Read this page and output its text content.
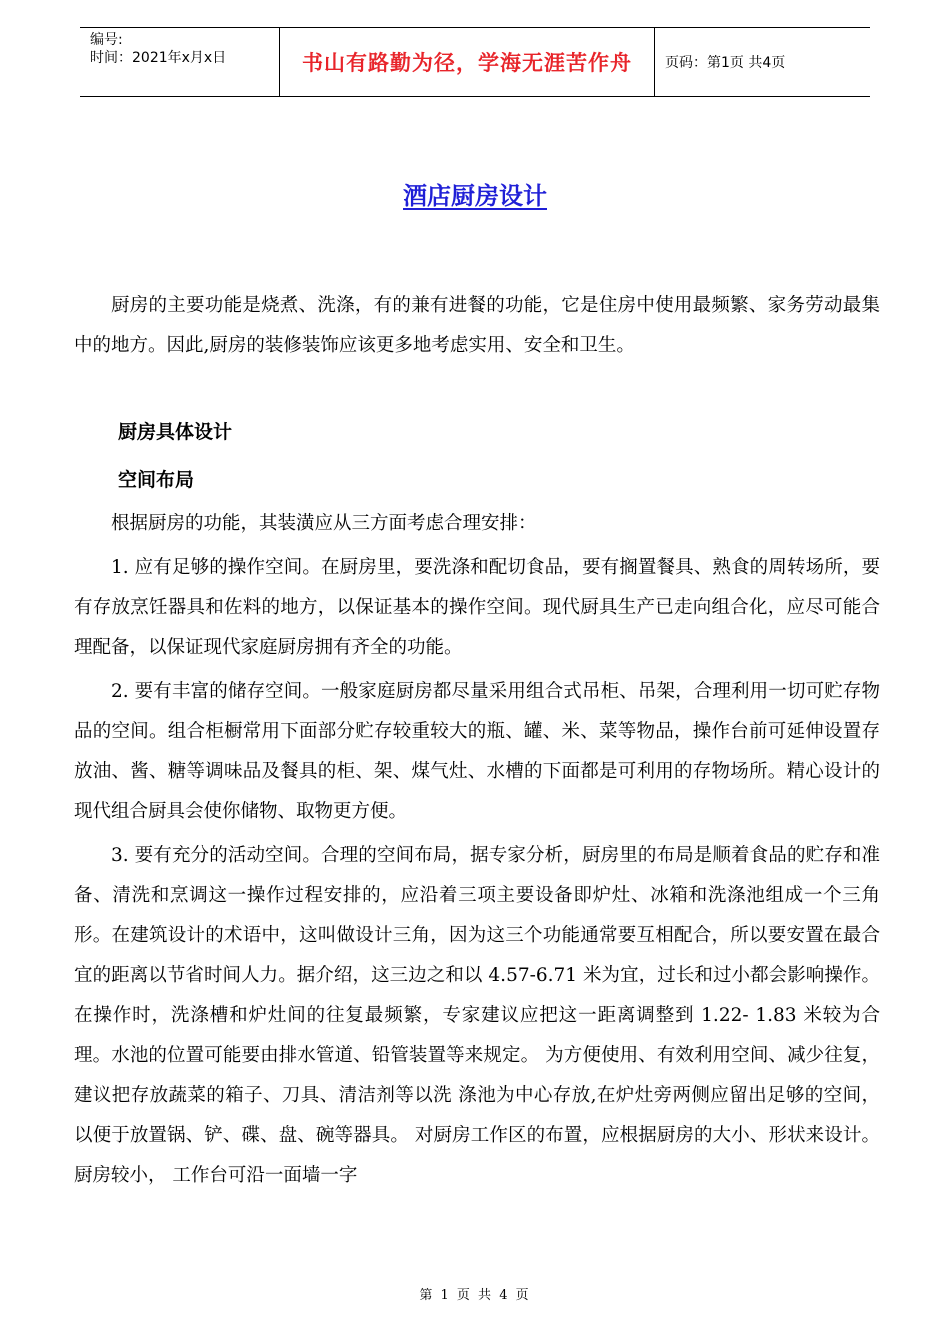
编号:
时间：2021年x月x日	书山有路勤为径，学海无涯苦作舟	页码：第1页 共4页
酒店厨房设计

厨房的主要功能是烧煮、洗涤，有的兼有进餐的功能，它是住房中使用最频繁、家务劳动最集中的地方。因此,厨房的装修装饰应该更多地考虑实用、安全和卫生。

厨房具体设计

空间布局

根据厨房的功能，其装潢应从三方面考虑合理安排：

1. 应有足够的操作空间。在厨房里，要洗涤和配切食品，要有搁置餐具、熟食的周转场所，要有存放烹饪器具和佐料的地方，以保证基本的操作空间。现代厨具生产已走向组合化，应尽可能合理配备，以保证现代家庭厨房拥有齐全的功能。

2. 要有丰富的储存空间。一般家庭厨房都尽量采用组合式吊柜、吊架，合理利用一切可贮存物品的空间。组合柜橱常用下面部分贮存较重较大的瓶、罐、米、菜等物品，操作台前可延伸设置存放油、酱、糖等调味品及餐具的柜、架、煤气灶、水槽的下面都是可利用的存物场所。精心设计的现代组合厨具会使你储物、取物更方便。

3. 要有充分的活动空间。合理的空间布局，据专家分析，厨房里的布局是顺着食品的贮存和准备、清洗和烹调这一操作过程安排的，应沿着三项主要设备即炉灶、冰箱和洗涤池组成一个三角形。在建筑设计的术语中，这叫做设计三角，因为这三个功能通常要互相配合，所以要安置在最合宜的距离以节省时间人力。据介绍，这三边之和以 4.57-6.71 米为宜，过长和过小都会影响操作。在操作时，洗涤槽和炉灶间的往复最频繁，专家建议应把这一距离调整到 1.22- 1.83 米较为合理。水池的位置可能要由排水管道、铅管装置等来规定。 为方便使用、有效利用空间、减少往复，建议把存放蔬菜的箱子、刀具、清洁剂等以洗 涤池为中心存放,在炉灶旁两侧应留出足够的空间，以便于放置锅、铲、碟、盘、碗等器具。 对厨房工作区的布置，应根据厨房的大小、形状来设计。厨房较小， 工作台可沿一面墙一字

第 1 页 共 4 页
